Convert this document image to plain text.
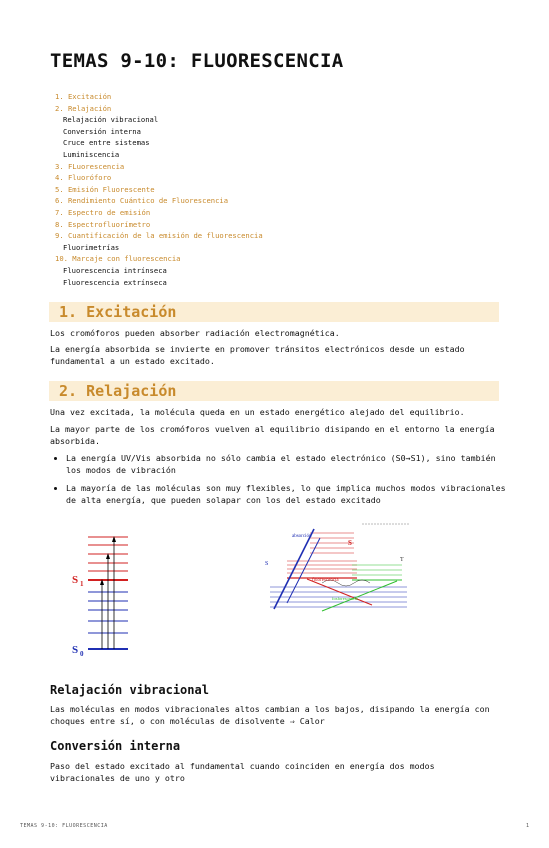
TEMAS 9-10: FLUORESCENCIA
1. Excitación
2. Relajación
Relajación vibracional
Conversión interna
Cruce entre sistemas
Luminiscencia
3. FLuorescencia
4. Fluoróforo
5. Emisión Fluorescente
6. Rendimiento Cuántico de Fluorescencia
7. Espectro de emisión
8. Espectrofluorímetro
9. Cuantificación de la emisión de fluorescencia
Fluorimetrías
10. Marcaje con fluorescencia
Fluorescencia intrínseca
Fluorescencia extrínseca
1. Excitación

Los cromóforos pueden absorber radiación electromagnética.

La energía absorbida se invierte en promover tránsitos electrónicos desde un estado fundamental a un estado excitado.

2. Relajación

Una vez excitada, la molécula queda en un estado energético alejado del equilibrio.

La mayor parte de los cromóforos vuelven al equilibrio disipando en el entorno la energía absorbida.

• La energía UV/Vis absorbida no sólo cambia el estado electrónico (S0→S1), sino también los modos de vibración
• La mayoría de las moléculas son muy flexibles, lo que implica muchos modos vibracionales de alta energía, que pueden solapar con los del estado excitado
S 1
S 0
absorción
S
S
T
fluorescencia
fosforescencia
Relajación vibracional

Las moléculas en modos vibracionales altos cambian a los bajos, disipando la energía con choques entre sí, o con moléculas de disolvente ⇒ Calor

Conversión interna

Paso del estado excitado al fundamental cuando coinciden en energía dos modos vibracionales de uno y otro

TEMAS 9-10: FLUORESCENCIA	1
